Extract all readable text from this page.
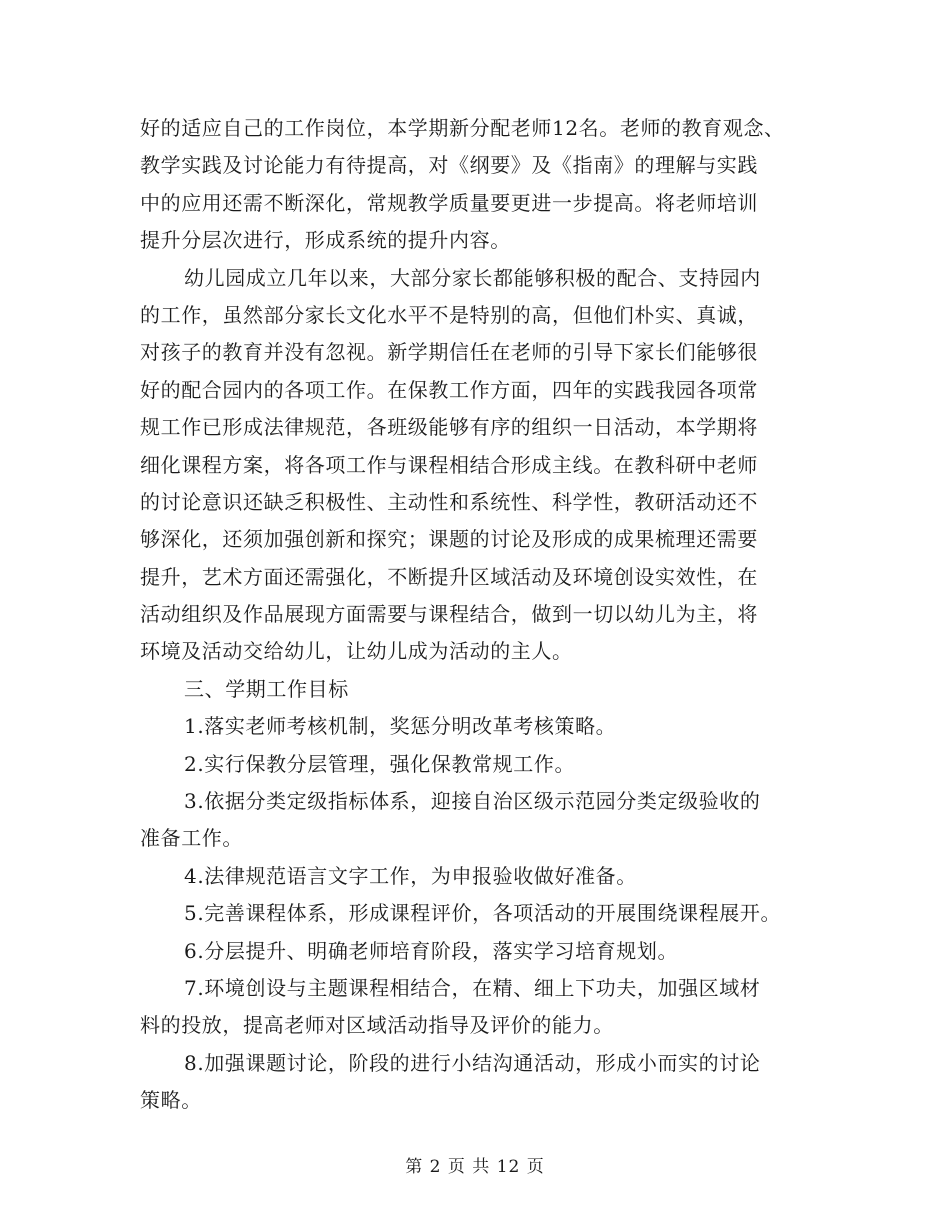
好的适应自己的工作岗位，本学期新分配老师12名。老师的教育观念、
教学实践及讨论能力有待提高，对《纲要》及《指南》的理解与实践
中的应用还需不断深化，常规教学质量要更进一步提高。将老师培训
提升分层次进行，形成系统的提升内容。

幼儿园成立几年以来，大部分家长都能够积极的配合、支持园内
的工作，虽然部分家长文化水平不是特别的高，但他们朴实、真诚，
对孩子的教育并没有忽视。新学期信任在老师的引导下家长们能够很
好的配合园内的各项工作。在保教工作方面，四年的实践我园各项常
规工作已形成法律规范，各班级能够有序的组织一日活动，本学期将
细化课程方案，将各项工作与课程相结合形成主线。在教科研中老师
的讨论意识还缺乏积极性、主动性和系统性、科学性，教研活动还不
够深化，还须加强创新和探究；课题的讨论及形成的成果梳理还需要
提升，艺术方面还需强化，不断提升区域活动及环境创设实效性，在
活动组织及作品展现方面需要与课程结合，做到一切以幼儿为主，将
环境及活动交给幼儿，让幼儿成为活动的主人。

三、学期工作目标

1.落实老师考核机制，奖惩分明改革考核策略。

2.实行保教分层管理，强化保教常规工作。

3.依据分类定级指标体系，迎接自治区级示范园分类定级验收的
准备工作。

4.法律规范语言文字工作，为申报验收做好准备。

5.完善课程体系，形成课程评价，各项活动的开展围绕课程展开。

6.分层提升、明确老师培育阶段，落实学习培育规划。

7.环境创设与主题课程相结合，在精、细上下功夫，加强区域材
料的投放，提高老师对区域活动指导及评价的能力。

8.加强课题讨论，阶段的进行小结沟通活动，形成小而实的讨论
策略。

第 2 页 共 12 页
